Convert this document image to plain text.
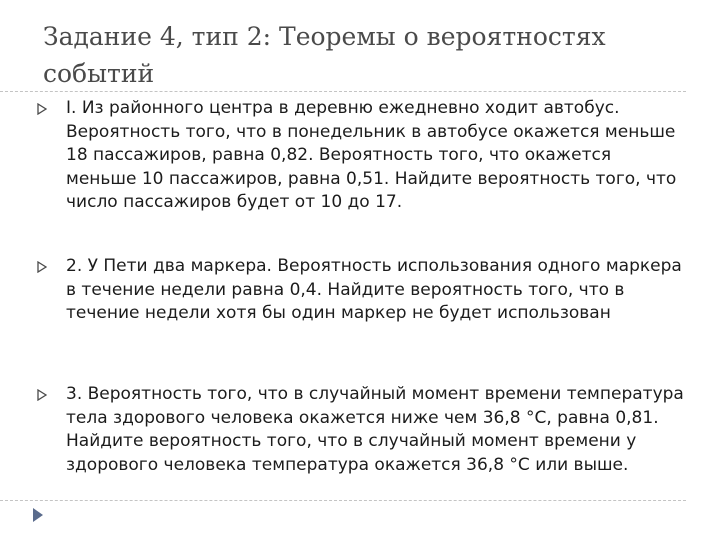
Задание 4, тип 2: Теоремы о вероятностях событий

I. Из районного центра в деревню ежедневно ходит автобус. Вероятность того, что в понедельник в автобусе окажется меньше 18 пассажиров, равна 0,82. Вероятность того, что окажется меньше 10 пассажиров, равна 0,51. Найдите вероятность того, что число пассажиров будет от 10 до 17.

2. У Пети два маркера. Вероятность использования одного маркера в течение недели равна 0,4. Найдите вероятность того, что в течение недели хотя бы один маркер не будет использован

3. Вероятность того, что в случайный момент времени температура тела здорового человека окажется ниже чем 36,8 °С, равна 0,81. Найдите вероятность того, что в случайный момент времени у здорового человека температура окажется 36,8 °С или выше.
